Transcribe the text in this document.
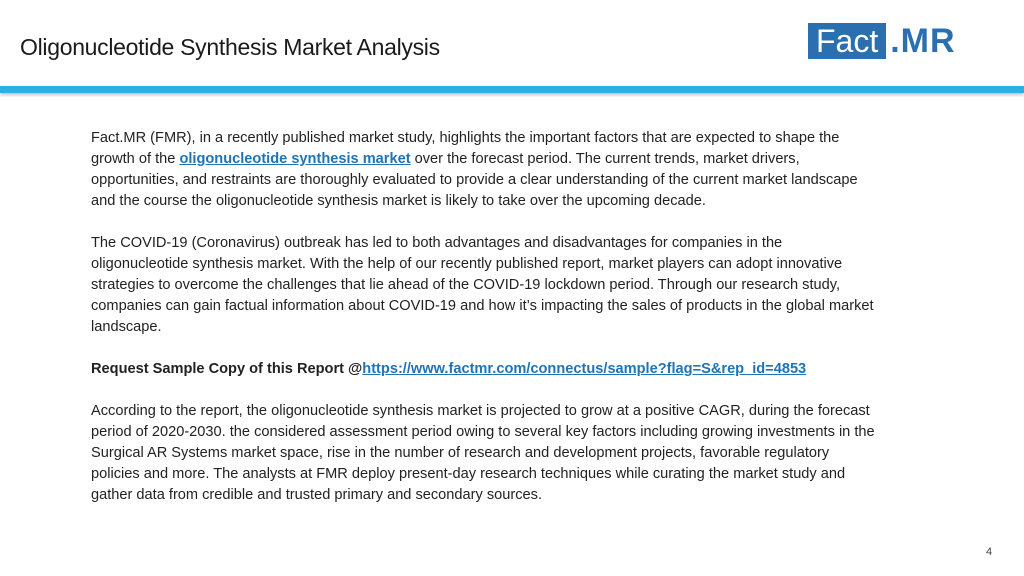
Oligonucleotide Synthesis Market Analysis	Fact .MR

Fact.MR (FMR), in a recently published market study, highlights the important factors that are expected to shape the growth of the oligonucleotide synthesis market over the forecast period. The current trends, market drivers, opportunities, and restraints are thoroughly evaluated to provide a clear understanding of the current market landscape and the course the oligonucleotide synthesis market is likely to take over the upcoming decade.

The COVID-19 (Coronavirus) outbreak has led to both advantages and disadvantages for companies in the oligonucleotide synthesis market. With the help of our recently published report, market players can adopt innovative strategies to overcome the challenges that lie ahead of the COVID-19 lockdown period. Through our research study, companies can gain factual information about COVID-19 and how it’s impacting the sales of products in the global market landscape.

Request Sample Copy of this Report @https://www.factmr.com/connectus/sample?flag=S&rep_id=4853

According to the report, the oligonucleotide synthesis market is projected to grow at a positive CAGR, during the forecast period of 2020-2030. the considered assessment period owing to several key factors including growing investments in the Surgical AR Systems market space, rise in the number of research and development projects, favorable regulatory policies and more. The analysts at FMR deploy present-day research techniques while curating the market study and gather data from credible and trusted primary and secondary sources.

4
